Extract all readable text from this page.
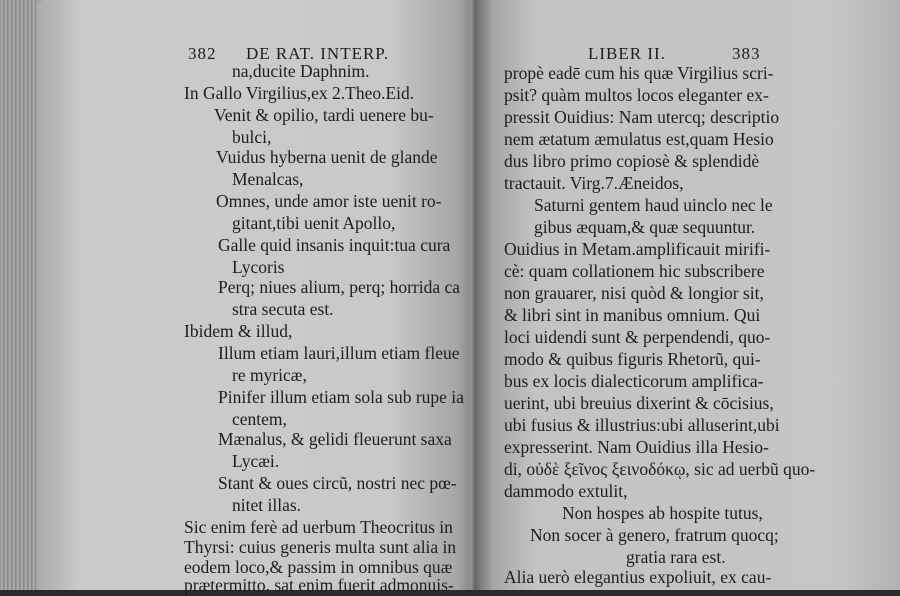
382 DE RAT. INTERP.
na,ducite Daphnim.
In Gallo Virgilius,ex 2.Theo.Eid.
Venit & opilio, tardi uenere bu-
bulci,
Vuidus hyberna uenit de glande
Menalcas,
Omnes, unde amor iste uenit ro-
gitant,tibi uenit Apollo,
Galle quid insanis inquit:tua cura
Lycoris
Perq; niues alium, perq; horrida ca
stra secuta est.
Ibidem & illud,
Illum etiam lauri,illum etiam fleue
re myricæ,
Pinifer illum etiam sola sub rupe ia
centem,
Mænalus, & gelidi fleuerunt saxa
Lycæi.
Stant & oues circũ, nostri nec pœ-
nitet illas.
Sic enim ferè ad uerbum Theocritus in
Thyrsi: cuius generis multa sunt alia in
eodem loco,& passim in omnibus quæ
prætermitto. sat enim fuerit admonuis-
LIBER II.	383
propè eadē cum his quæ Virgilius scri-
psit? quàm multos locos eleganter ex-
pressit Ouidius: Nam utercq; descriptio
nem ætatum æmulatus est,quam Hesio
dus libro primo copiosè & splendidè
tractauit. Virg.7.Æneidos,
Saturni gentem haud uinclo nec le
gibus æquam,& quæ sequuntur.
Ouidius in Metam.amplificauit mirifi-
cè: quam collationem hic subscribere
non grauarer, nisi quòd & longior sit,
& libri sint in manibus omnium. Qui
loci uidendi sunt & perpendendi, quo-
modo & quibus figuris Rhetorũ, qui-
bus ex locis dialecticorum amplifica-
uerint, ubi breuius dixerint & cōcisius,
ubi fusius & illustrius:ubi alluserint,ubi
expresserint. Nam Ouidius illa Hesio-
di, οὐδὲ ξεῖνος ξεινοδόκῳ, sic ad uerbũ quo-
dammodo extulit,
Non hospes ab hospite tutus,
Non socer à genero, fratrum quocq;
gratia rara est.
Alia uerò elegantius expoliuit, ex cau-
